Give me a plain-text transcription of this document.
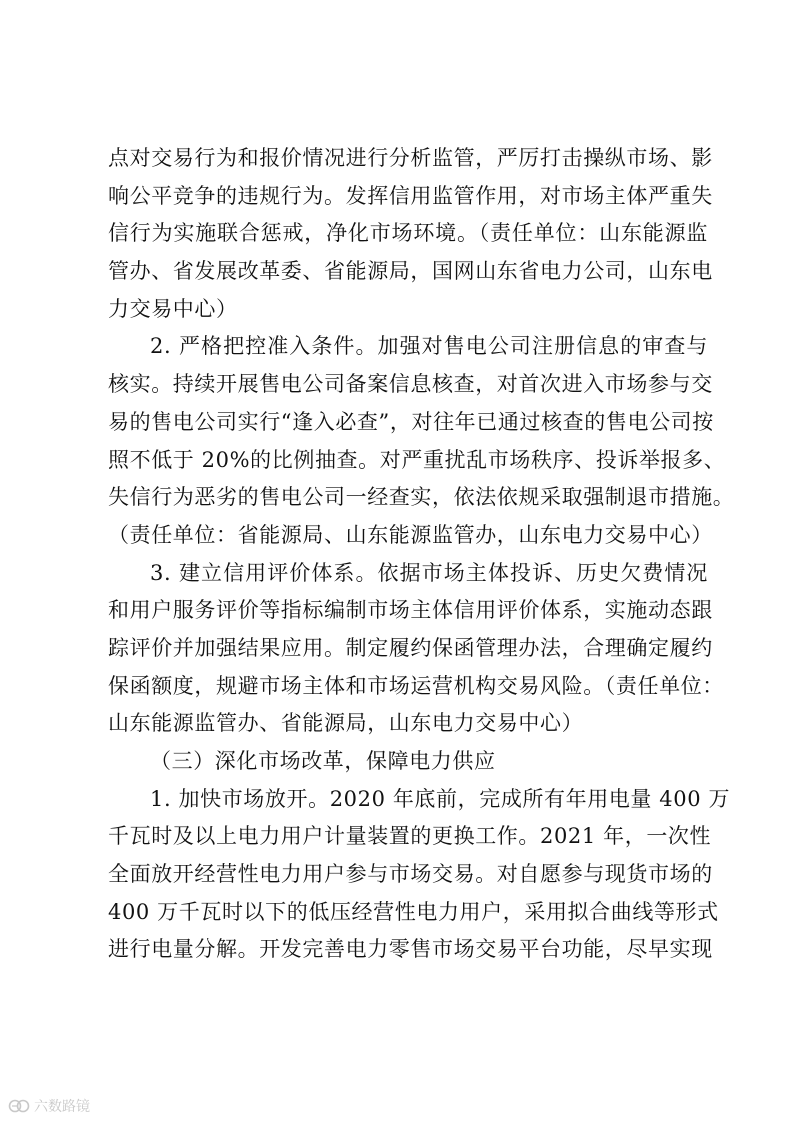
点对交易行为和报价情况进行分析监管，严厉打击操纵市场、影
响公平竞争的违规行为。发挥信用监管作用，对市场主体严重失
信行为实施联合惩戒，净化市场环境。（责任单位：山东能源监
管办、省发展改革委、省能源局，国网山东省电力公司，山东电
力交易中心）
2. 严格把控准入条件。加强对售电公司注册信息的审查与
核实。持续开展售电公司备案信息核查，对首次进入市场参与交
易的售电公司实行“逢入必查”，对往年已通过核查的售电公司按
照不低于 20%的比例抽查。对严重扰乱市场秩序、投诉举报多、
失信行为恶劣的售电公司一经查实，依法依规采取强制退市措施。
（责任单位：省能源局、山东能源监管办，山东电力交易中心）
3. 建立信用评价体系。依据市场主体投诉、历史欠费情况
和用户服务评价等指标编制市场主体信用评价体系，实施动态跟
踪评价并加强结果应用。制定履约保函管理办法，合理确定履约
保函额度，规避市场主体和市场运营机构交易风险。（责任单位：
山东能源监管办、省能源局，山东电力交易中心）
（三）深化市场改革，保障电力供应
1. 加快市场放开。2020 年底前，完成所有年用电量 400 万
千瓦时及以上电力用户计量装置的更换工作。2021 年，一次性
全面放开经营性电力用户参与市场交易。对自愿参与现货市场的
400 万千瓦时以下的低压经营性电力用户，采用拟合曲线等形式
进行电量分解。开发完善电力零售市场交易平台功能，尽早实现
六数路镜
